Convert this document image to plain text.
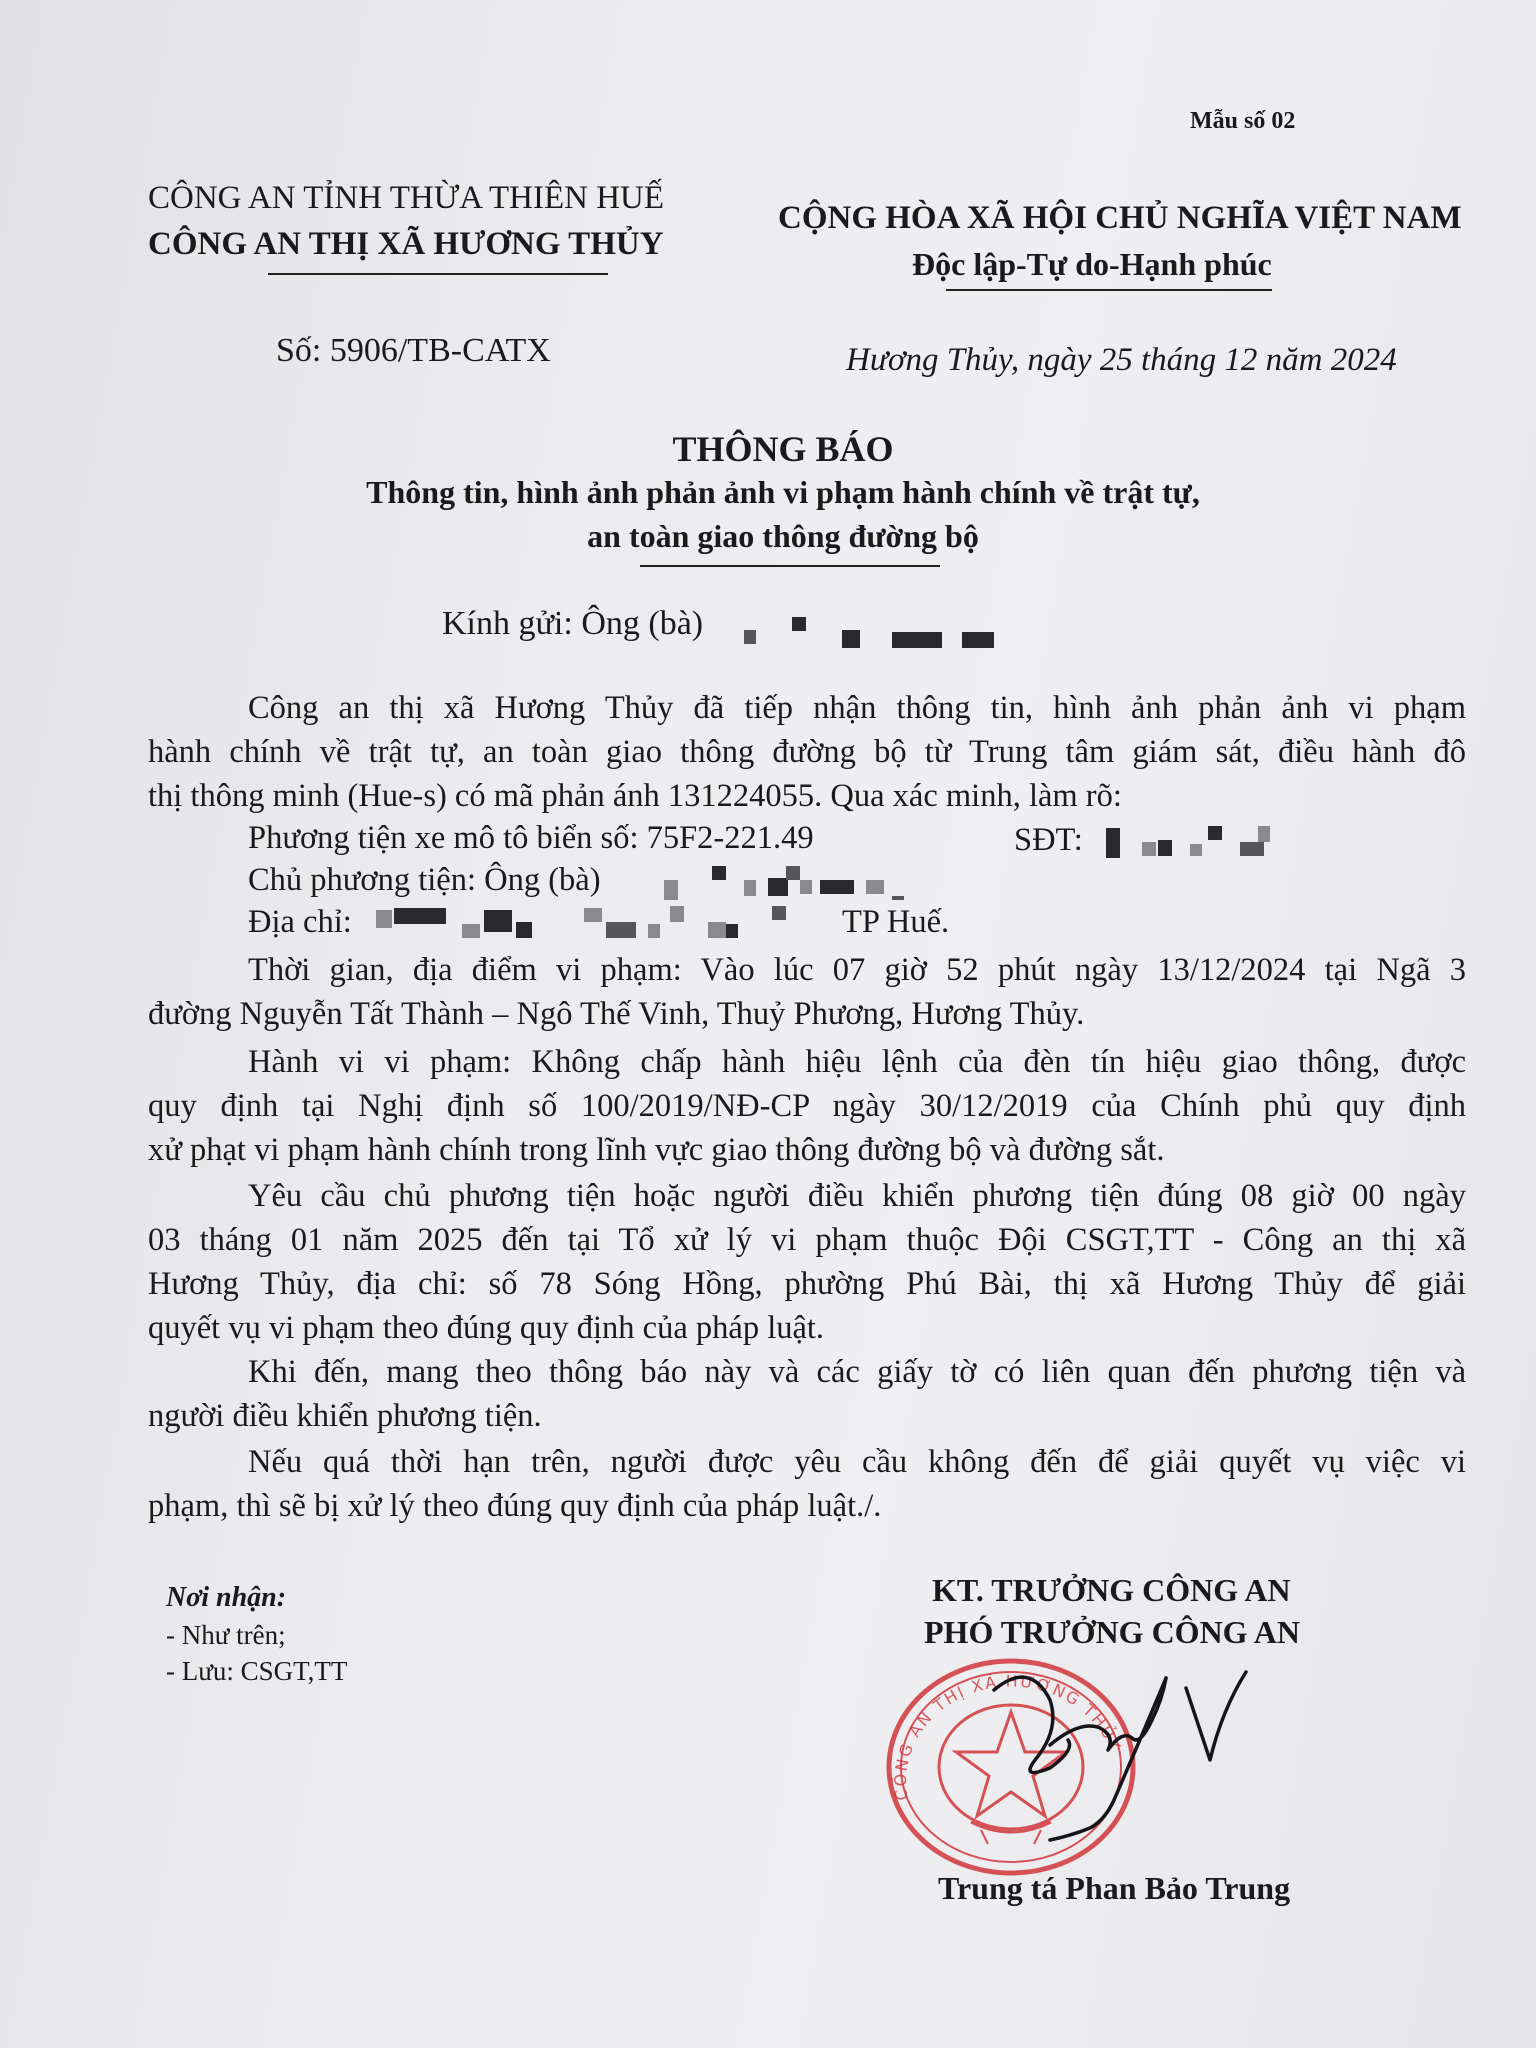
Mẫu số 02
CÔNG AN TỈNH THỪA THIÊN HUẾ
CÔNG AN THỊ XÃ HƯƠNG THỦY
CỘNG HÒA XÃ HỘI CHỦ NGHĨA VIỆT NAM
Độc lập-Tự do-Hạnh phúc
Số: 5906/TB-CATX	Hương Thủy, ngày 25 tháng 12 năm 2024
THÔNG BÁO
Thông tin, hình ảnh phản ảnh vi phạm hành chính về trật tự,
an toàn giao thông đường bộ
Kính gửi: Ông (bà)
Công an thị xã Hương Thủy đã tiếp nhận thông tin, hình ảnh phản ảnh vi phạm
hành chính về trật tự, an toàn giao thông đường bộ từ Trung tâm giám sát, điều hành đô
thị thông minh (Hue-s) có mã phản ánh 131224055. Qua xác minh, làm rõ:
Phương tiện xe mô tô biển số: 75F2-221.49	SĐT:
Chủ phương tiện: Ông (bà)
Địa chỉ:	TP Huế.
Thời gian, địa điểm vi phạm: Vào lúc 07 giờ 52 phút ngày 13/12/2024 tại Ngã 3
đường Nguyễn Tất Thành – Ngô Thế Vinh, Thuỷ Phương, Hương Thủy.
Hành vi vi phạm: Không chấp hành hiệu lệnh của đèn tín hiệu giao thông, được
quy định tại Nghị định số 100/2019/NĐ-CP ngày 30/12/2019 của Chính phủ quy định
xử phạt vi phạm hành chính trong lĩnh vực giao thông đường bộ và đường sắt.
Yêu cầu chủ phương tiện hoặc người điều khiển phương tiện đúng 08 giờ 00 ngày
03 tháng 01 năm 2025 đến tại Tổ xử lý vi phạm thuộc Đội CSGT,TT - Công an thị xã
Hương Thủy, địa chỉ: số 78 Sóng Hồng, phường Phú Bài, thị xã Hương Thủy để giải
quyết vụ vi phạm theo đúng quy định của pháp luật.
Khi đến, mang theo thông báo này và các giấy tờ có liên quan đến phương tiện và
người điều khiển phương tiện.
Nếu quá thời hạn trên, người được yêu cầu không đến để giải quyết vụ việc vi
phạm, thì sẽ bị xử lý theo đúng quy định của pháp luật./.
Nơi nhận:
- Như trên;
- Lưu: CSGT,TT
KT. TRƯỞNG CÔNG AN
PHÓ TRƯỞNG CÔNG AN
CÔNG AN THỊ XÃ HƯƠNG THỦY
Trung tá Phan Bảo Trung
